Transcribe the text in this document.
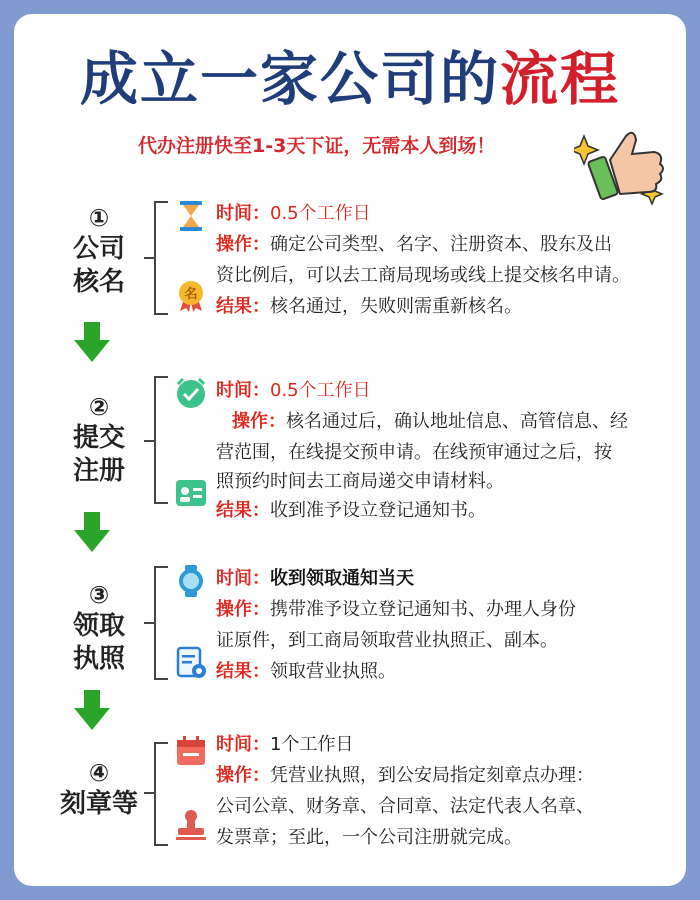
成立一家公司的流程
代办注册快至1-3天下证，无需本人到场！
①
公司
核名	名
时间：0.5个工作日
操作：确定公司类型、名字、注册资本、股东及出
资比例后，可以去工商局现场或线上提交核名申请。
结果：核名通过，失败则需重新核名。
②
提交
注册
时间：0.5个工作日
操作：核名通过后，确认地址信息、高管信息、经
营范围，在线提交预申请。在线预审通过之后，按
照预约时间去工商局递交申请材料。
结果：收到准予设立登记通知书。
③
领取
执照
时间：收到领取通知当天
操作：携带准予设立登记通知书、办理人身份
证原件，到工商局领取营业执照正、副本。
结果：领取营业执照。
④
刻章等
时间：1个工作日
操作：凭营业执照，到公安局指定刻章点办理：
公司公章、财务章、合同章、法定代表人名章、
发票章；至此，一个公司注册就完成。
